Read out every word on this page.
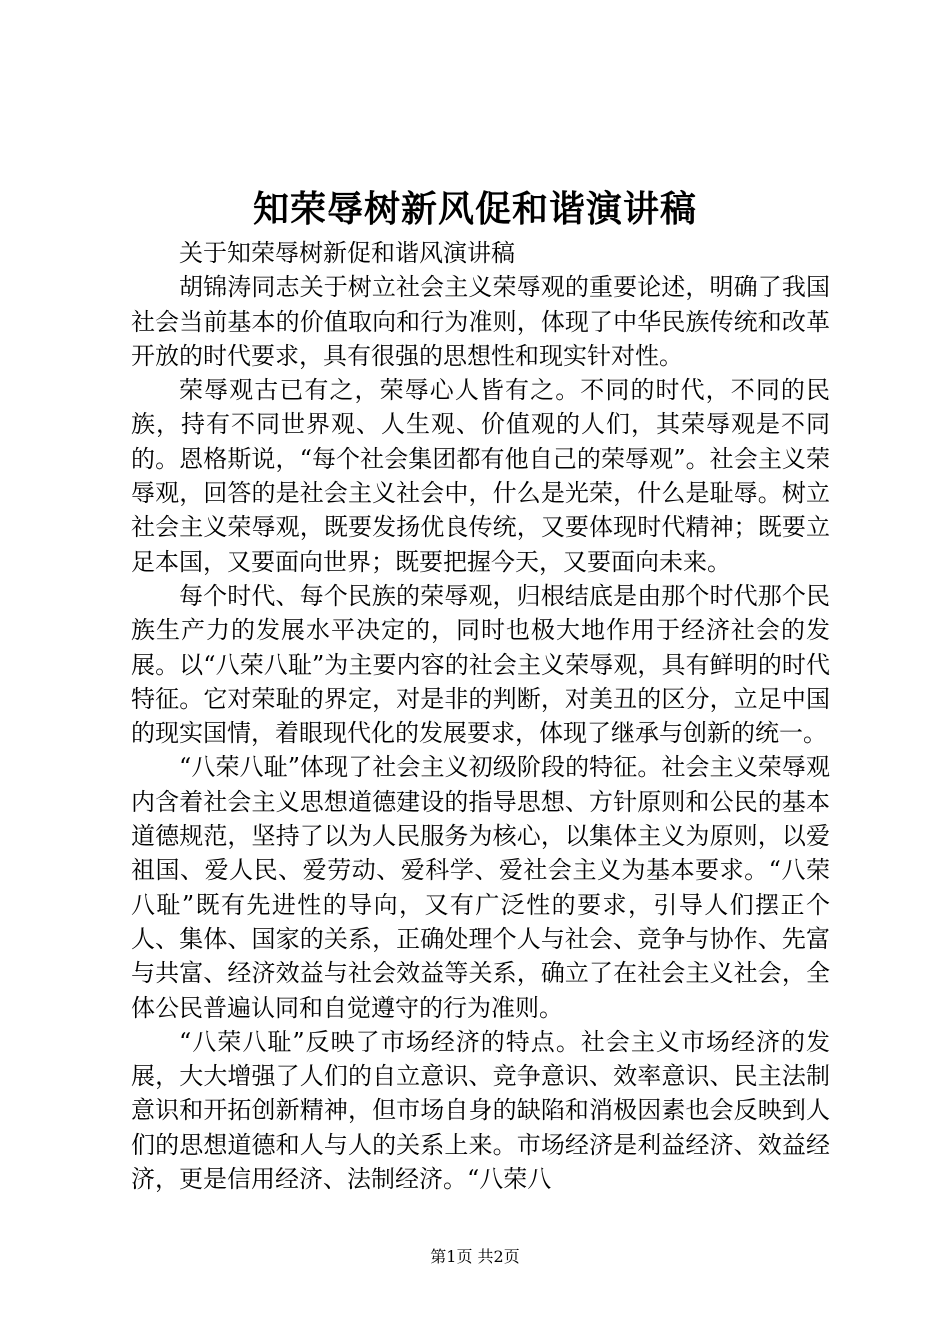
知荣辱树新风促和谐演讲稿

关于知荣辱树新促和谐风演讲稿

胡锦涛同志关于树立社会主义荣辱观的重要论述，明确了我国社会当前基本的价值取向和行为准则，体现了中华民族传统和改革开放的时代要求，具有很强的思想性和现实针对性。

荣辱观古已有之，荣辱心人皆有之。不同的时代，不同的民族，持有不同世界观、人生观、价值观的人们，其荣辱观是不同的。恩格斯说，“每个社会集团都有他自己的荣辱观”。社会主义荣辱观，回答的是社会主义社会中，什么是光荣，什么是耻辱。树立社会主义荣辱观，既要发扬优良传统，又要体现时代精神；既要立足本国，又要面向世界；既要把握今天，又要面向未来。

每个时代、每个民族的荣辱观，归根结底是由那个时代那个民族生产力的发展水平决定的，同时也极大地作用于经济社会的发展。以“八荣八耻”为主要内容的社会主义荣辱观，具有鲜明的时代特征。它对荣耻的界定，对是非的判断，对美丑的区分，立足中国的现实国情，着眼现代化的发展要求，体现了继承与创新的统一。

“八荣八耻”体现了社会主义初级阶段的特征。社会主义荣辱观内含着社会主义思想道德建设的指导思想、方针原则和公民的基本道德规范，坚持了以为人民服务为核心，以集体主义为原则，以爱祖国、爱人民、爱劳动、爱科学、爱社会主义为基本要求。“八荣八耻”既有先进性的导向，又有广泛性的要求，引导人们摆正个人、集体、国家的关系，正确处理个人与社会、竞争与协作、先富与共富、经济效益与社会效益等关系，确立了在社会主义社会，全体公民普遍认同和自觉遵守的行为准则。

“八荣八耻”反映了市场经济的特点。社会主义市场经济的发展，大大增强了人们的自立意识、竞争意识、效率意识、民主法制意识和开拓创新精神，但市场自身的缺陷和消极因素也会反映到人们的思想道德和人与人的关系上来。市场经济是利益经济、效益经济，更是信用经济、法制经济。“八荣八

第1页 共2页
